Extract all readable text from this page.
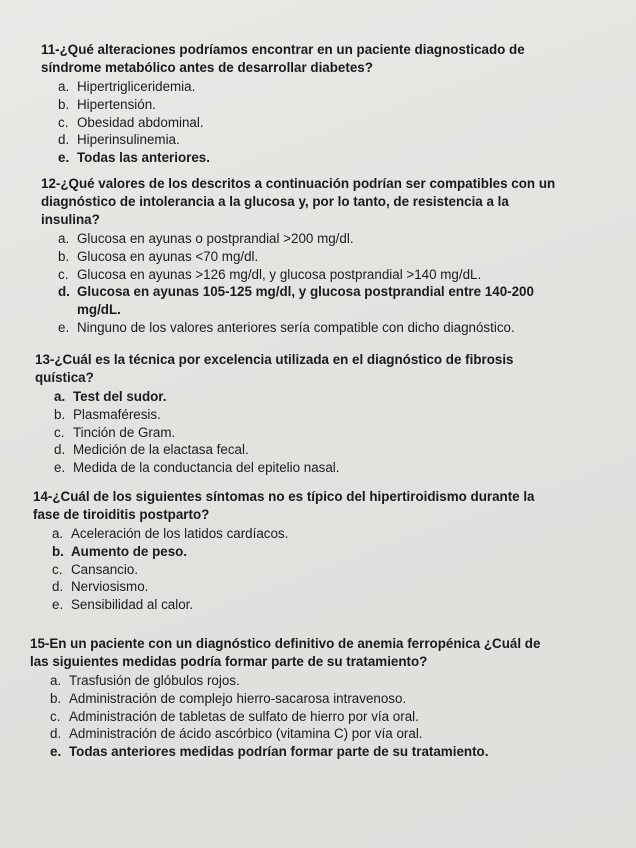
11-¿Qué alteraciones podríamos encontrar en un paciente diagnosticado de síndrome metabólico antes de desarrollar diabetes?

a. Hipertrigliceridemia.
b. Hipertensión.
c. Obesidad abdominal.
d. Hiperinsulinemia.
e. Todas las anteriores.

12-¿Qué valores de los descritos a continuación podrían ser compatibles con un diagnóstico de intolerancia a la glucosa y, por lo tanto, de resistencia a la insulina?

a. Glucosa en ayunas o postprandial >200 mg/dl.
b. Glucosa en ayunas <70 mg/dl.
c. Glucosa en ayunas >126 mg/dl, y glucosa postprandial >140 mg/dL.
d. Glucosa en ayunas 105-125 mg/dl, y glucosa postprandial entre 140-200 mg/dL.
e. Ninguno de los valores anteriores sería compatible con dicho diagnóstico.

13-¿Cuál es la técnica por excelencia utilizada en el diagnóstico de fibrosis quística?

a. Test del sudor.
b. Plasmaféresis.
c. Tinción de Gram.
d. Medición de la elactasa fecal.
e. Medida de la conductancia del epitelio nasal.

14-¿Cuál de los siguientes síntomas no es típico del hipertiroidismo durante la fase de tiroiditis postparto?

a. Aceleración de los latidos cardíacos.
b. Aumento de peso.
c. Cansancio.
d. Nerviosismo.
e. Sensibilidad al calor.

15-En un paciente con un diagnóstico definitivo de anemia ferropénica ¿Cuál de las siguientes medidas podría formar parte de su tratamiento?

a. Trasfusión de glóbulos rojos.
b. Administración de complejo hierro-sacarosa intravenoso.
c. Administración de tabletas de sulfato de hierro por vía oral.
d. Administración de ácido ascórbico (vitamina C) por vía oral.
e. Todas anteriores medidas podrían formar parte de su tratamiento.
